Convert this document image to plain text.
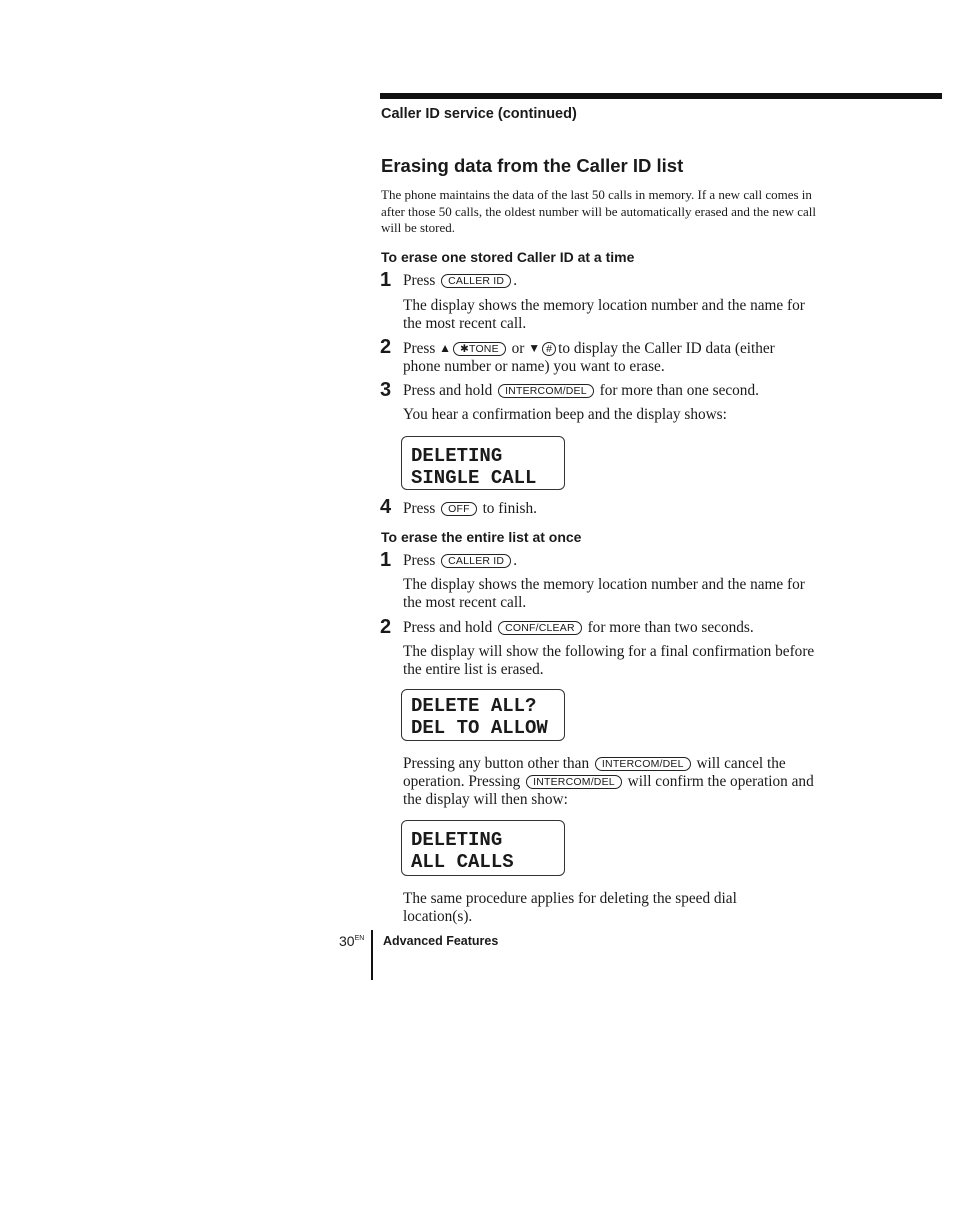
Caller ID service (continued)
Erasing data from the Caller ID list
The phone maintains the data of the last 50 calls in memory. If a new call comes in after those 50 calls, the oldest number will be automatically erased and the new call will be stored.
To erase one stored Caller ID at a time
1 Press CALLER ID .
The display shows the memory location number and the name for the most recent call.
2 Press ▲ ✱TONE or ▼ # to display the Caller ID data (either phone number or name) you want to erase.
3 Press and hold INTERCOM/DEL for more than one second.
You hear a confirmation beep and the display shows:
DELETING
SINGLE CALL
4 Press OFF to finish.
To erase the entire list at once
1 Press CALLER ID .
The display shows the memory location number and the name for the most recent call.
2 Press and hold CONF/CLEAR for more than two seconds.
The display will show the following for a final confirmation before the entire list is erased.
DELETE ALL?
DEL TO ALLOW
Pressing any button other than INTERCOM/DEL will cancel the operation. Pressing INTERCOM/DEL will confirm the operation and the display will then show:
DELETING
ALL CALLS
The same procedure applies for deleting the speed dial location(s).
$30^{EN}$ Advanced Features
